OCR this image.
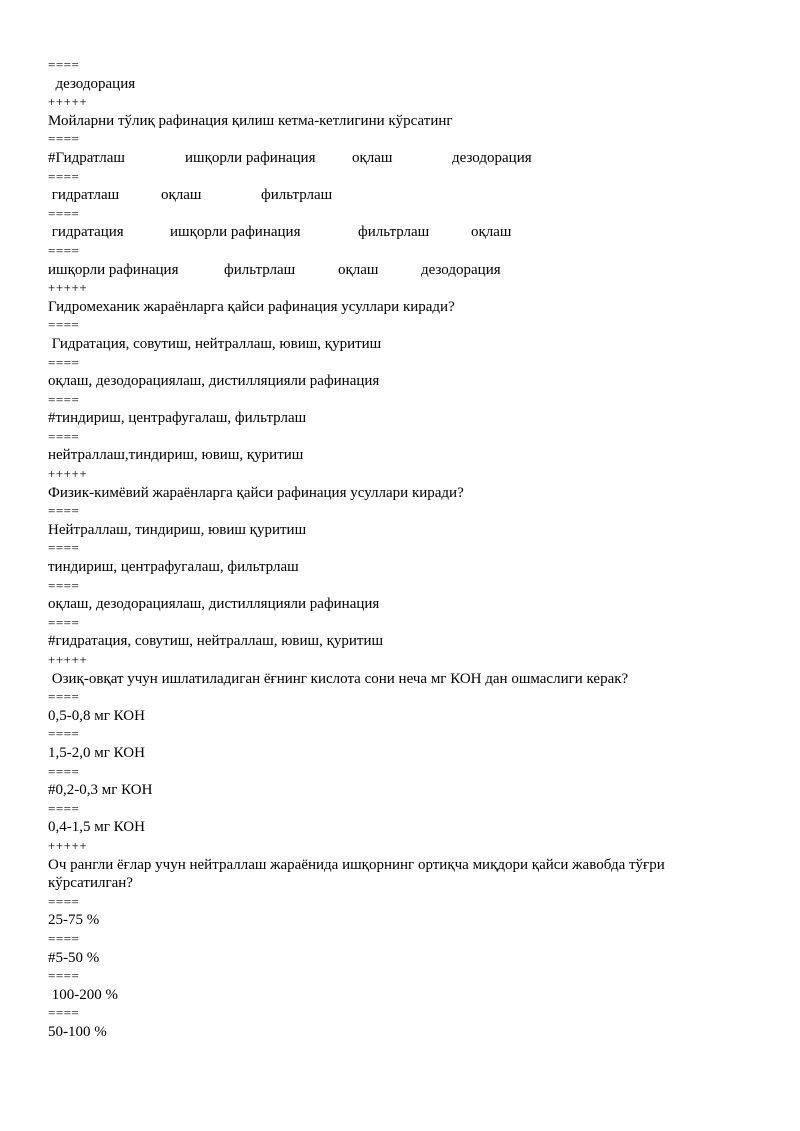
====
дезодорация
+++++
Мойларни тўлиқ рафинация қилиш кетма-кетлигини кўрсатинг
====
#Гидратлаш	ишқорли рафинация оқлаш	дезодорация
====
гидратлаш	оқлаш	фильтрлаш
====
гидратация	ишқорли рафинация	фильтрлаш	оқлаш
====
ишқорли рафинация	фильтрлаш	оқлаш	дезодорация
+++++
Гидромеханик жараёнларга қайси рафинация усуллари киради?
====
Гидратация, совутиш, нейтраллаш, ювиш, қуритиш
====
оқлаш, дезодорациялаш, дистилляцияли рафинация
====
#тиндириш, центрафугалаш, фильтрлаш
====
нейтраллаш,тиндириш, ювиш, қуритиш
+++++
Физик-кимёвий жараёнларга қайси рафинация усуллари киради?
====
Нейтраллаш, тиндириш, ювиш қуритиш
====
тиндириш, центрафугалаш, фильтрлаш
====
оқлаш, дезодорациялаш, дистилляцияли рафинация
====
#гидратация, совутиш, нейтраллаш, ювиш, қуритиш
+++++
Озиқ-овқат учун ишлатиладиган ёғнинг кислота сони неча мг КОН дан ошмаслиги керак?
====
0,5-0,8 мг КОН
====
1,5-2,0 мг КОН
====
#0,2-0,3 мг КОН
====
0,4-1,5 мг КОН
+++++
Оч рангли ёғлар учун нейтраллаш жараёнида ишқорнинг ортиқча миқдори қайси жавобда тўғри кўрсатилган?
====
25-75 %
====
#5-50 %
====
100-200 %
====
50-100 %
